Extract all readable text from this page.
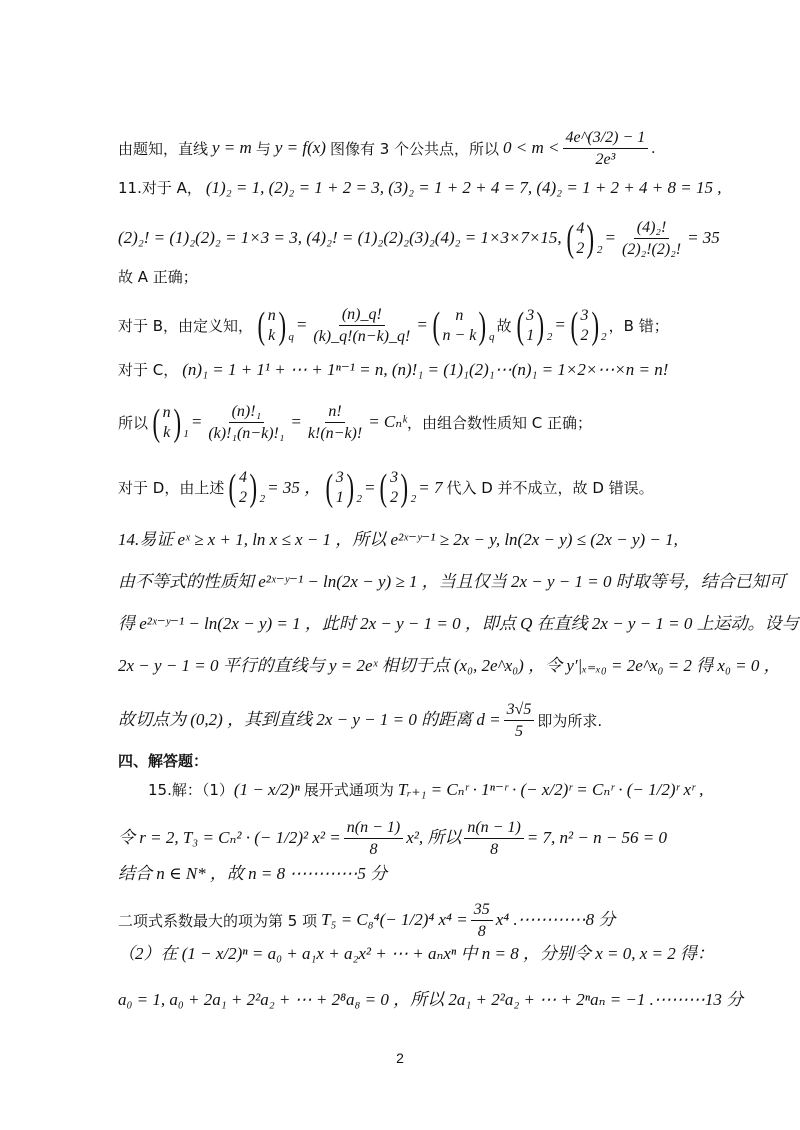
由题知，直线 y = m 与 y = f(x) 图像有 3 个公共点，所以 $0 < m < \frac{4e\^{}(3/2) - 1}{\text{2e³}}$ .
11.对于 A， (1)₂ = 1, (2)₂ = 1 + 2 = 3, (3)₂ = 1 + 2 + 4 = 7, (4)₂ = 1 + 2 + 4 + 8 = 15 ,
(2)₂! = (1)₂(2)₂ = 1×3 = 3, (4)₂! = (1)₂(2)₂(3)₂(4)₂ = 1×3×7×15, ( 4
2 ) 2
= $\frac{\text{(4)₂!}}{\text{(2)₂!(2)₂!}} = 35$
故 A 正确；
对于 B，由定义知， ( n
k ) q
= $\frac{(n)\_q!}{(k)\_q!(n-k)\_q!}$ = ( n
n − k ) q
故 ( 3
1 ) 2
= ( 3
2 ) 2
，B 错；
对于 C， (n)₁ = 1 + 1¹ + ⋯ + 1ⁿ⁻¹ = n, (n)!₁ = (1)₁(2)₁⋯(n)₁ = 1×2×⋯×n = n!
所以 ( n
k ) 1
= $\frac{\text{(n)!₁}}{\text{(k)!₁(n−k)!₁}} = \frac{n!}{k!(n-k)!}$ = Cₙᵏ ，由组合数性质知 C 正确；
对于 D，由上述 ( 4
2 ) 2
= 35 ， ( 3
1 ) 2
= ( 3
2 ) 2
= 7 代入 D 并不成立，故 D 错误。
14.易证 eˣ ≥ x + 1, ln x ≤ x − 1 ，所以 e²ˣ⁻ʸ⁻¹ ≥ 2x − y, ln(2x − y) ≤ (2x − y) − 1,
由不等式的性质知 e²ˣ⁻ʸ⁻¹ − ln(2x − y) ≥ 1 ，当且仅当 2x − y − 1 = 0 时取等号，结合已知可
得 e²ˣ⁻ʸ⁻¹ − ln(2x − y) = 1 ，此时 2x − y − 1 = 0 ，即点 Q 在直线 2x − y − 1 = 0 上运动。设与
2x − y − 1 = 0 平行的直线与 y = 2eˣ 相切于点 (x₀, 2e^x₀) ，令 y′|ₓ₌ₓ₀ = 2e^x₀ = 2 得 x₀ = 0 ，
故切点为 (0,2) ，其到直线 2x − y − 1 = 0 的距离 $d = \frac{3√5}{5}$ 即为所求.
四、解答题：
15.解：（1） (1 − x/2)ⁿ 展开式通项为 Tᵣ₊₁ = Cₙʳ · 1ⁿ⁻ʳ · (− x/2)ʳ = Cₙʳ · (− 1/2)ʳ xʳ ,
令 r = 2, T₃ = Cₙ² · (− 1/2)² $x^2 = \frac{n(n - 1)}{8} x^2$, 所以 $\frac{n(n - 1)}{8} = 7$, n² − n − 56 = 0
结合 n ∈ N* ，故 n = 8 ⋯⋯⋯⋯5 分
二项式系数最大的项为第 5 项 T₅ = C₈⁴(− 1/2)⁴ $x^4 = \frac{35}{8} x^4$ .⋯⋯⋯⋯8 分
（2）在 (1 − x/2)ⁿ = a₀ + a₁x + a₂x² + ⋯ + aₙxⁿ 中 n = 8 ，分别令 x = 0, x = 2 得：
a₀ = 1, a₀ + 2a₁ + 2²a₂ + ⋯ + 2⁸a₈ = 0 ，所以 2a₁ + 2²a₂ + ⋯ + 2ⁿaₙ = −1 .⋯⋯⋯13 分
2
